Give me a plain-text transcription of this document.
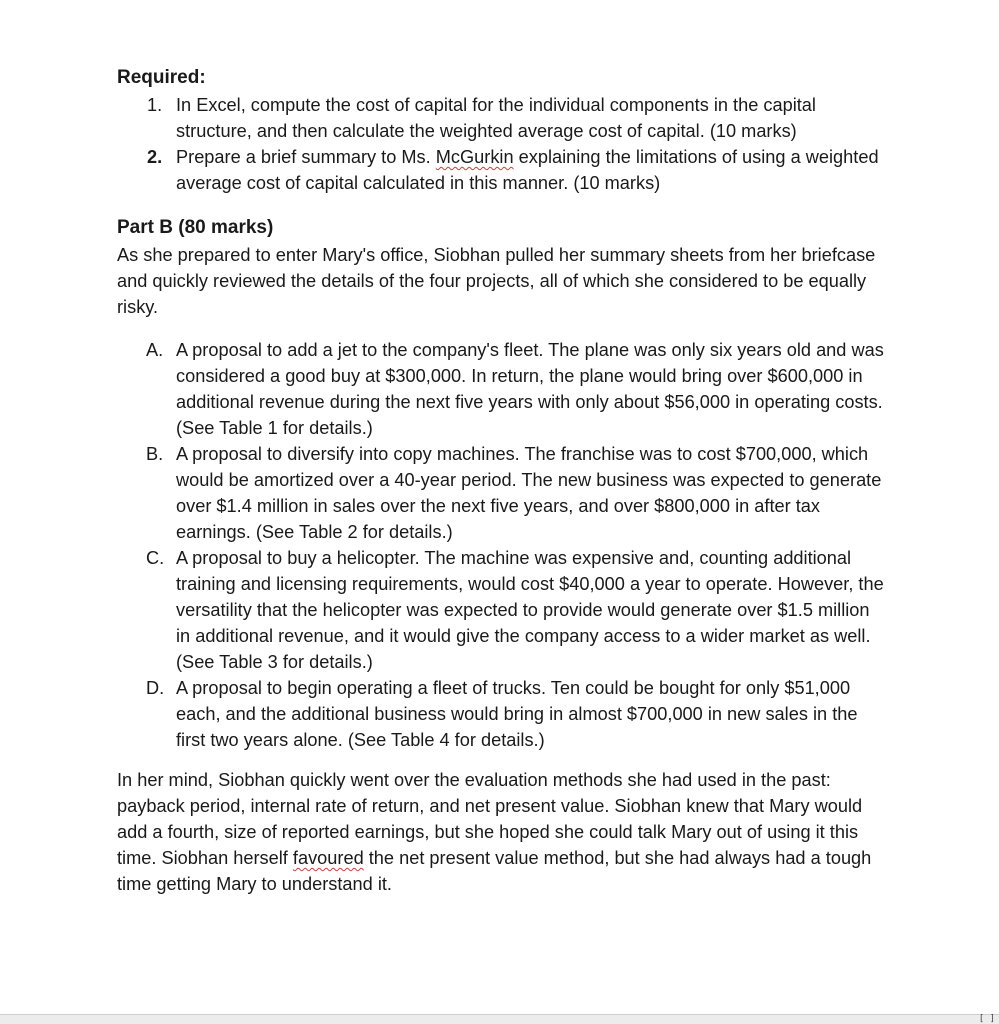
Required:
1. In Excel, compute the cost of capital for the individual components in the capital structure, and then calculate the weighted average cost of capital. (10 marks)
2. Prepare a brief summary to Ms. McGurkin explaining the limitations of using a weighted average cost of capital calculated in this manner. (10 marks)
Part B (80 marks)

As she prepared to enter Mary's office, Siobhan pulled her summary sheets from her briefcase and quickly reviewed the details of the four projects, all of which she considered to be equally risky.

A. A proposal to add a jet to the company's fleet. The plane was only six years old and was considered a good buy at $300,000. In return, the plane would bring over $600,000 in additional revenue during the next five years with only about $56,000 in operating costs. (See Table 1 for details.)
B. A proposal to diversify into copy machines. The franchise was to cost $700,000, which would be amortized over a 40-year period. The new business was expected to generate over $1.4 million in sales over the next five years, and over $800,000 in after tax earnings. (See Table 2 for details.)
C. A proposal to buy a helicopter. The machine was expensive and, counting additional training and licensing requirements, would cost $40,000 a year to operate. However, the versatility that the helicopter was expected to provide would generate over $1.5 million in additional revenue, and it would give the company access to a wider market as well. (See Table 3 for details.)
D. A proposal to begin operating a fleet of trucks. Ten could be bought for only $51,000 each, and the additional business would bring in almost $700,000 in new sales in the first two years alone. (See Table 4 for details.)

In her mind, Siobhan quickly went over the evaluation methods she had used in the past: payback period, internal rate of return, and net present value. Siobhan knew that Mary would add a fourth, size of reported earnings, but she hoped she could talk Mary out of using it this time. Siobhan herself favoured the net present value method, but she had always had a tough time getting Mary to understand it.

[ ]
